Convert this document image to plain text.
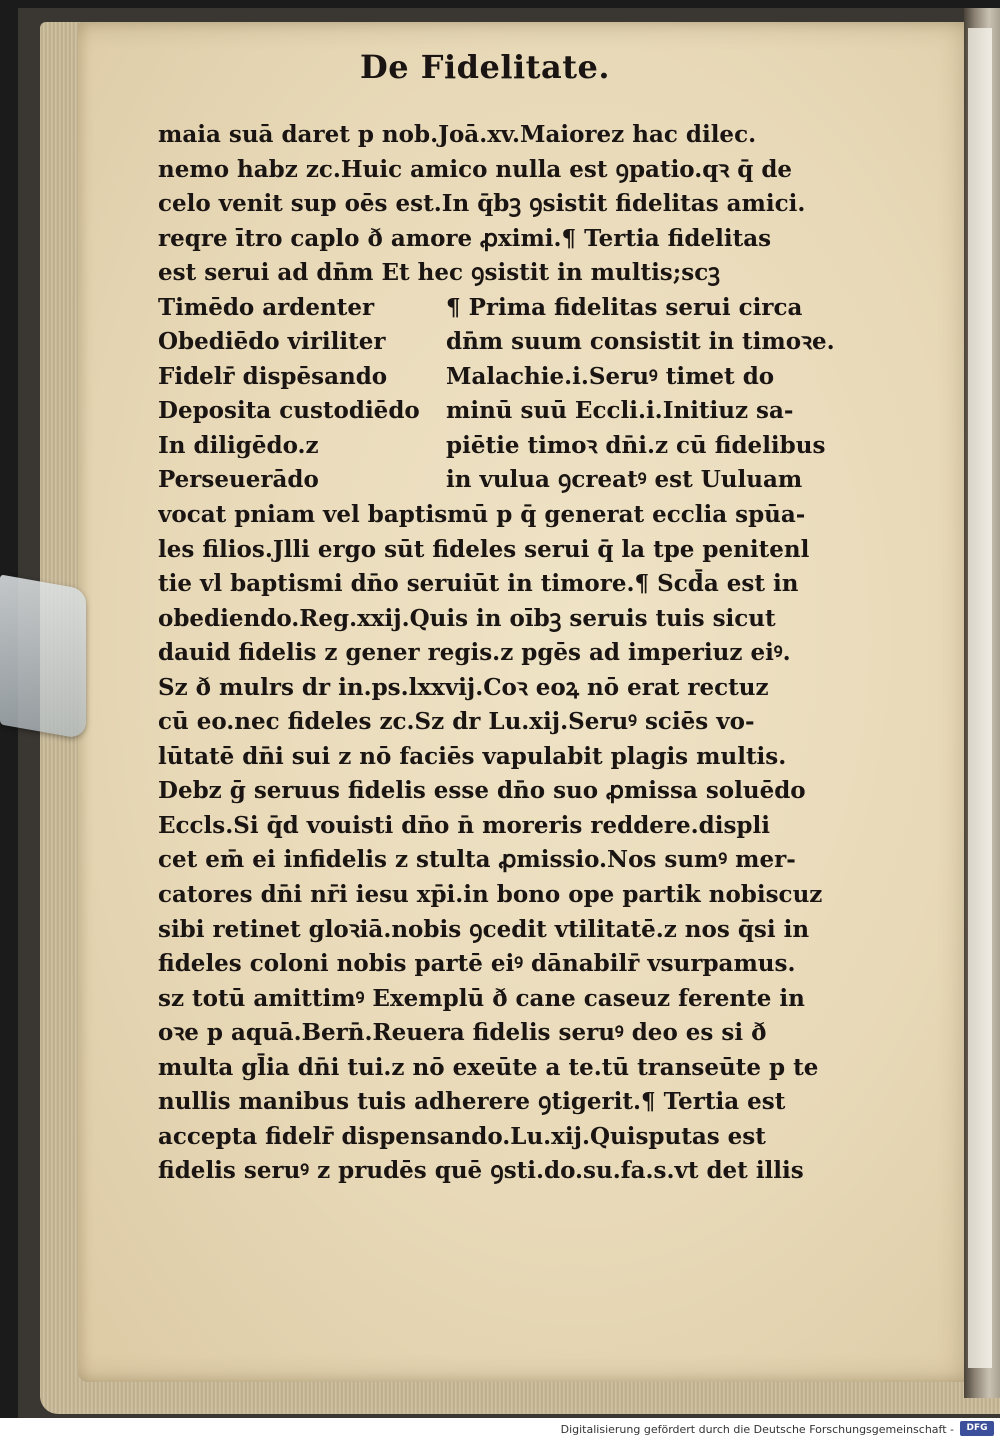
De Fidelitate.
maia suā daret p nob.Joā.xv.Maiorez hac dilec.
nemo habz zc.Huic amico nulla est ꝯpatio.qꝛ q̄ de
celo venit sup oēs est.In q̄bꝫ ꝯsistit fidelitas amici.
reqre ītro caplo ð amore ꝓximi.¶ Tertia fidelitas
est serui ad dn̄m Et hec ꝯsistit in multis;scꝫ
Timēdo ardenter	¶ Prima fidelitas serui circa
Obediēdo viriliter	dn̄m suum consistit in timoꝛe.
Fidelr̄ dispēsando	Malachie.i.Seruꝰ timet do
Deposita custodiēdo	minū suū Eccli.i.Initiuz sa-
In diligēdo.z	piētie timoꝛ dn̄i.z cū fidelibus
Perseuerādo	in vulua ꝯcreatꝰ est Uuluam
vocat pniam vel baptismū p q̄ generat ecclia spūa-
les filios.Jlli ergo sūt fideles serui q̄ la tpe penitenl
tie vl baptismi dn̄o seruiūt in timore.¶ Scd̄a est in
obediendo.Reg.xxij.Quis in oībꝫ seruis tuis sicut
dauid fidelis z gener regis.z pgēs ad imperiuz eiꝰ.
Sz ð mulrs dr in.ps.lxxvij.Coꝛ eoꝝ nō erat rectuz
cū eo.nec fideles zc.Sz dr Lu.xij.Seruꝰ sciēs vo-
lūtatē dn̄i sui z nō faciēs vapulabit plagis multis.
Debz ḡ seruus fidelis esse dn̄o suo ꝓmissa soluēdo
Eccls.Si q̄d vouisti dn̄o n̄ moreris reddere.displi
cet em̄ ei infidelis z stulta ꝓmissio.Nos sumꝰ mer-
catores dn̄i nr̄i iesu xp̄i.in bono ope partik nobiscuz
sibi retinet gloꝛiā.nobis ꝯcedit vtilitatē.z nos q̄si in
fideles coloni nobis partē eiꝰ dānabilr̄ vsurpamus.
sz totū amittimꝰ Exemplū ð cane caseuz ferente in
oꝛe p aquā.Bern̄.Reuera fidelis seruꝰ deo es si ð
multa gl̄ia dn̄i tui.z nō exeūte a te.tū transeūte p te
nullis manibus tuis adherere ꝯtigerit.¶ Tertia est
accepta fidelr̄ dispensando.Lu.xij.Quisputas est
fidelis seruꝰ z prudēs quē ꝯsti.do.su.fa.s.vt det illis
Digitalisierung gefördert durch die Deutsche Forschungsgemeinschaft -	DFG
